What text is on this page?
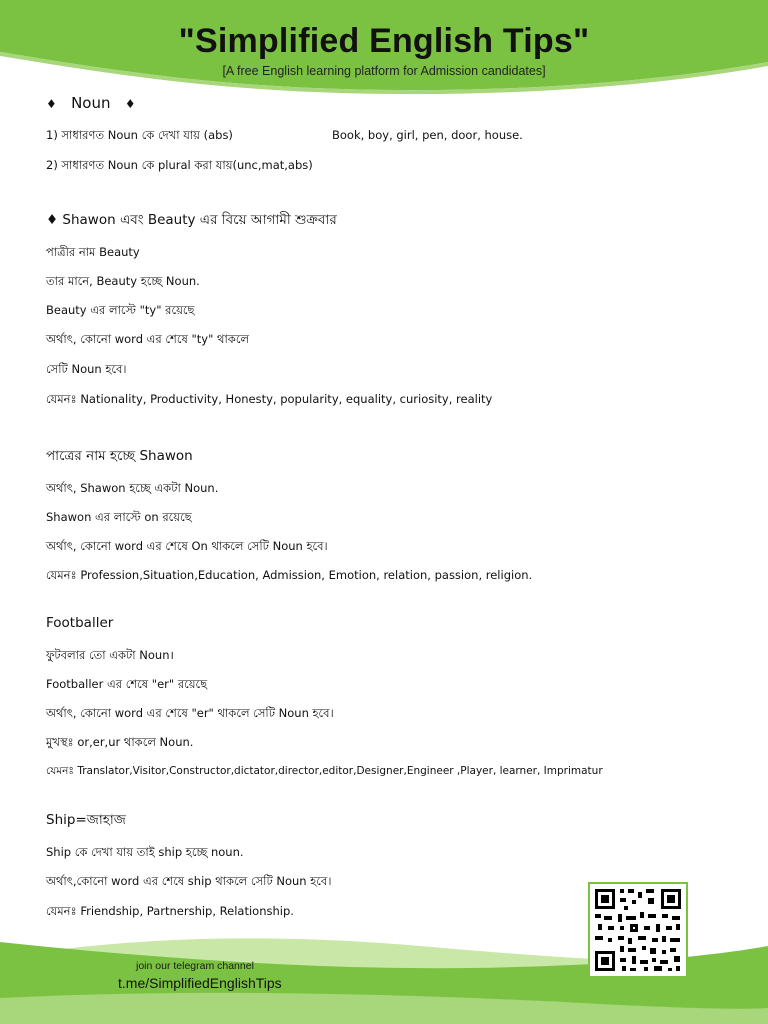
"Simplified English Tips"
[A free English learning platform for Admission candidates]
♦ Noun ♦
1) সাধারণত Noun কে দেখা যায় (abs)	Book, boy, girl, pen, door, house.
2) সাধারণত Noun কে plural করা যায়(unc,mat,abs)
♦ Shawon এবং Beauty এর বিয়ে আগামী শুক্রবার
পাত্রীর নাম Beauty
তার মানে, Beauty হচ্ছে Noun.
Beauty এর লাস্টে "ty" রয়েছে
অর্থাৎ, কোনো word এর শেষে "ty" থাকলে
সেটি Noun হবে।
যেমনঃ Nationality, Productivity, Honesty, popularity, equality, curiosity, reality
পাত্রের নাম হচ্ছে Shawon
অর্থাৎ, Shawon হচ্ছে একটা Noun.
Shawon এর লাস্টে on রয়েছে
অর্থাৎ, কোনো word এর শেষে On থাকলে সেটি Noun হবে।
যেমনঃ Profession,Situation,Education, Admission, Emotion, relation, passion, religion.
Footballer
ফুটবলার তো একটা Noun।
Footballer এর শেষে "er" রয়েছে
অর্থাৎ, কোনো word এর শেষে "er" থাকলে সেটি Noun হবে।
মুখস্থঃ or,er,ur থাকলে Noun.
যেমনঃ Translator,Visitor,Constructor,dictator,director,editor,Designer,Engineer ,Player, learner, Imprimatur
Ship=জাহাজ
Ship কে দেখা যায় তাই ship হচ্ছে noun.
অর্থাৎ,কোনো word এর শেষে ship থাকলে সেটি Noun হবে।
যেমনঃ Friendship, Partnership, Relationship.
join our telegram channel
t.me/SimplifiedEnglishTips
